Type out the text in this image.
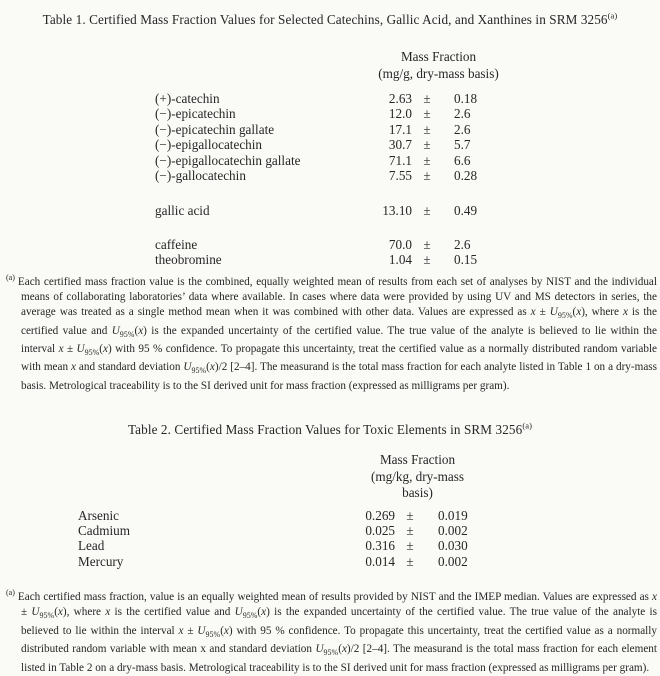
Table 1. Certified Mass Fraction Values for Selected Catechins, Gallic Acid, and Xanthines in SRM 3256$^{(a)}$
Mass Fraction
(mg/g, dry-mass basis)
(+)-catechin	2.63 ±	0.18
(−)-epicatechin	12.0 ±	2.6
(−)-epicatechin gallate	17.1 ±	2.6
(−)-epigallocatechin	30.7 ±	5.7
(−)-epigallocatechin gallate	71.1 ±	6.6
(−)-gallocatechin	7.55 ±	0.28
gallic acid	13.10 ±	0.49
caffeine	70.0 ±	2.6
theobromine	1.04 ±	0.15
$^{(a)}$ Each certified mass fraction value is the combined, equally weighted mean of results from each set of analyses by NIST and the individual means of collaborating laboratories’ data where available. In cases where data were provided by using UV and MS detectors in series, the average was treated as a single method mean when it was combined with other data. Values are expressed as $x \pm U_{95\%}(x)$, where x is the certified value and $U_{95\%}(x)$ is the expanded uncertainty of the certified value. The true value of the analyte is believed to lie within the interval $x \pm U_{95\%}(x)$ with 95 % confidence. To propagate this uncertainty, treat the certified value as a normally distributed random variable with mean x and standard deviation $U_{95\%}(x)/2$ [2–4]. The measurand is the total mass fraction for each analyte listed in Table 1 on a dry-mass basis. Metrological traceability is to the SI derived unit for mass fraction (expressed as milligrams per gram).
Table 2. Certified Mass Fraction Values for Toxic Elements in SRM 3256$^{(a)}$
Mass Fraction
(mg/kg, dry-mass basis)
Arsenic	0.269 ±	0.019
Cadmium	0.025 ±	0.002
Lead	0.316 ±	0.030
Mercury	0.014 ±	0.002
$^{(a)}$ Each certified mass fraction, value is an equally weighted mean of results provided by NIST and the IMEP median. Values are expressed as $x \pm U_{95\%}(x)$, where x is the certified value and $U_{95\%}(x)$ is the expanded uncertainty of the certified value. The true value of the analyte is believed to lie within the interval $x \pm U_{95\%}(x)$ with 95 % confidence. To propagate this uncertainty, treat the certified value as a normally distributed random variable with mean x and standard deviation $U_{95\%}(x)/2$ [2–4]. The measurand is the total mass fraction for each element listed in Table 2 on a dry-mass basis. Metrological traceability is to the SI derived unit for mass fraction (expressed as milligrams per gram).
